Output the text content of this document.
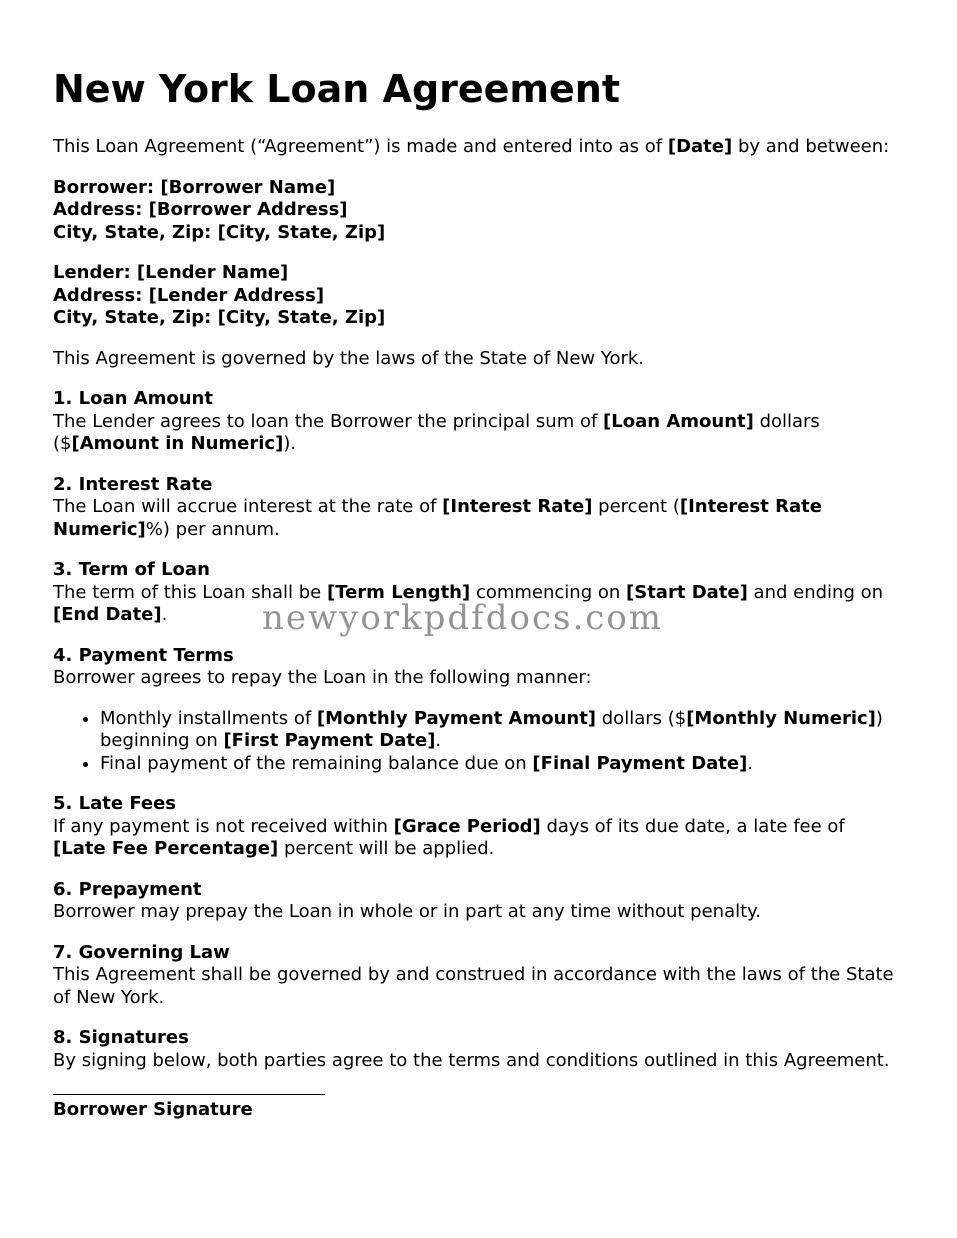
New York Loan Agreement

This Loan Agreement (“Agreement”) is made and entered into as of [Date] by and between:

Borrower: [Borrower Name]
Address: [Borrower Address]
City, State, Zip: [City, State, Zip]

Lender: [Lender Name]
Address: [Lender Address]
City, State, Zip: [City, State, Zip]

This Agreement is governed by the laws of the State of New York.

1. Loan Amount
The Lender agrees to loan the Borrower the principal sum of [Loan Amount] dollars ($[Amount in Numeric]).

2. Interest Rate
The Loan will accrue interest at the rate of [Interest Rate] percent ([Interest Rate Numeric]%) per annum.

3. Term of Loan
The term of this Loan shall be [Term Length] commencing on [Start Date] and ending on [End Date].

4. Payment Terms
Borrower agrees to repay the Loan in the following manner:

• Monthly installments of [Monthly Payment Amount] dollars ($[Monthly Numeric]) beginning on [First Payment Date].
• Final payment of the remaining balance due on [Final Payment Date].

5. Late Fees
If any payment is not received within [Grace Period] days of its due date, a late fee of [Late Fee Percentage] percent will be applied.

6. Prepayment
Borrower may prepay the Loan in whole or in part at any time without penalty.

7. Governing Law
This Agreement shall be governed by and construed in accordance with the laws of the State of New York.

8. Signatures
By signing below, both parties agree to the terms and conditions outlined in this Agreement.

Borrower Signature
newyorkpdfdocs.com
